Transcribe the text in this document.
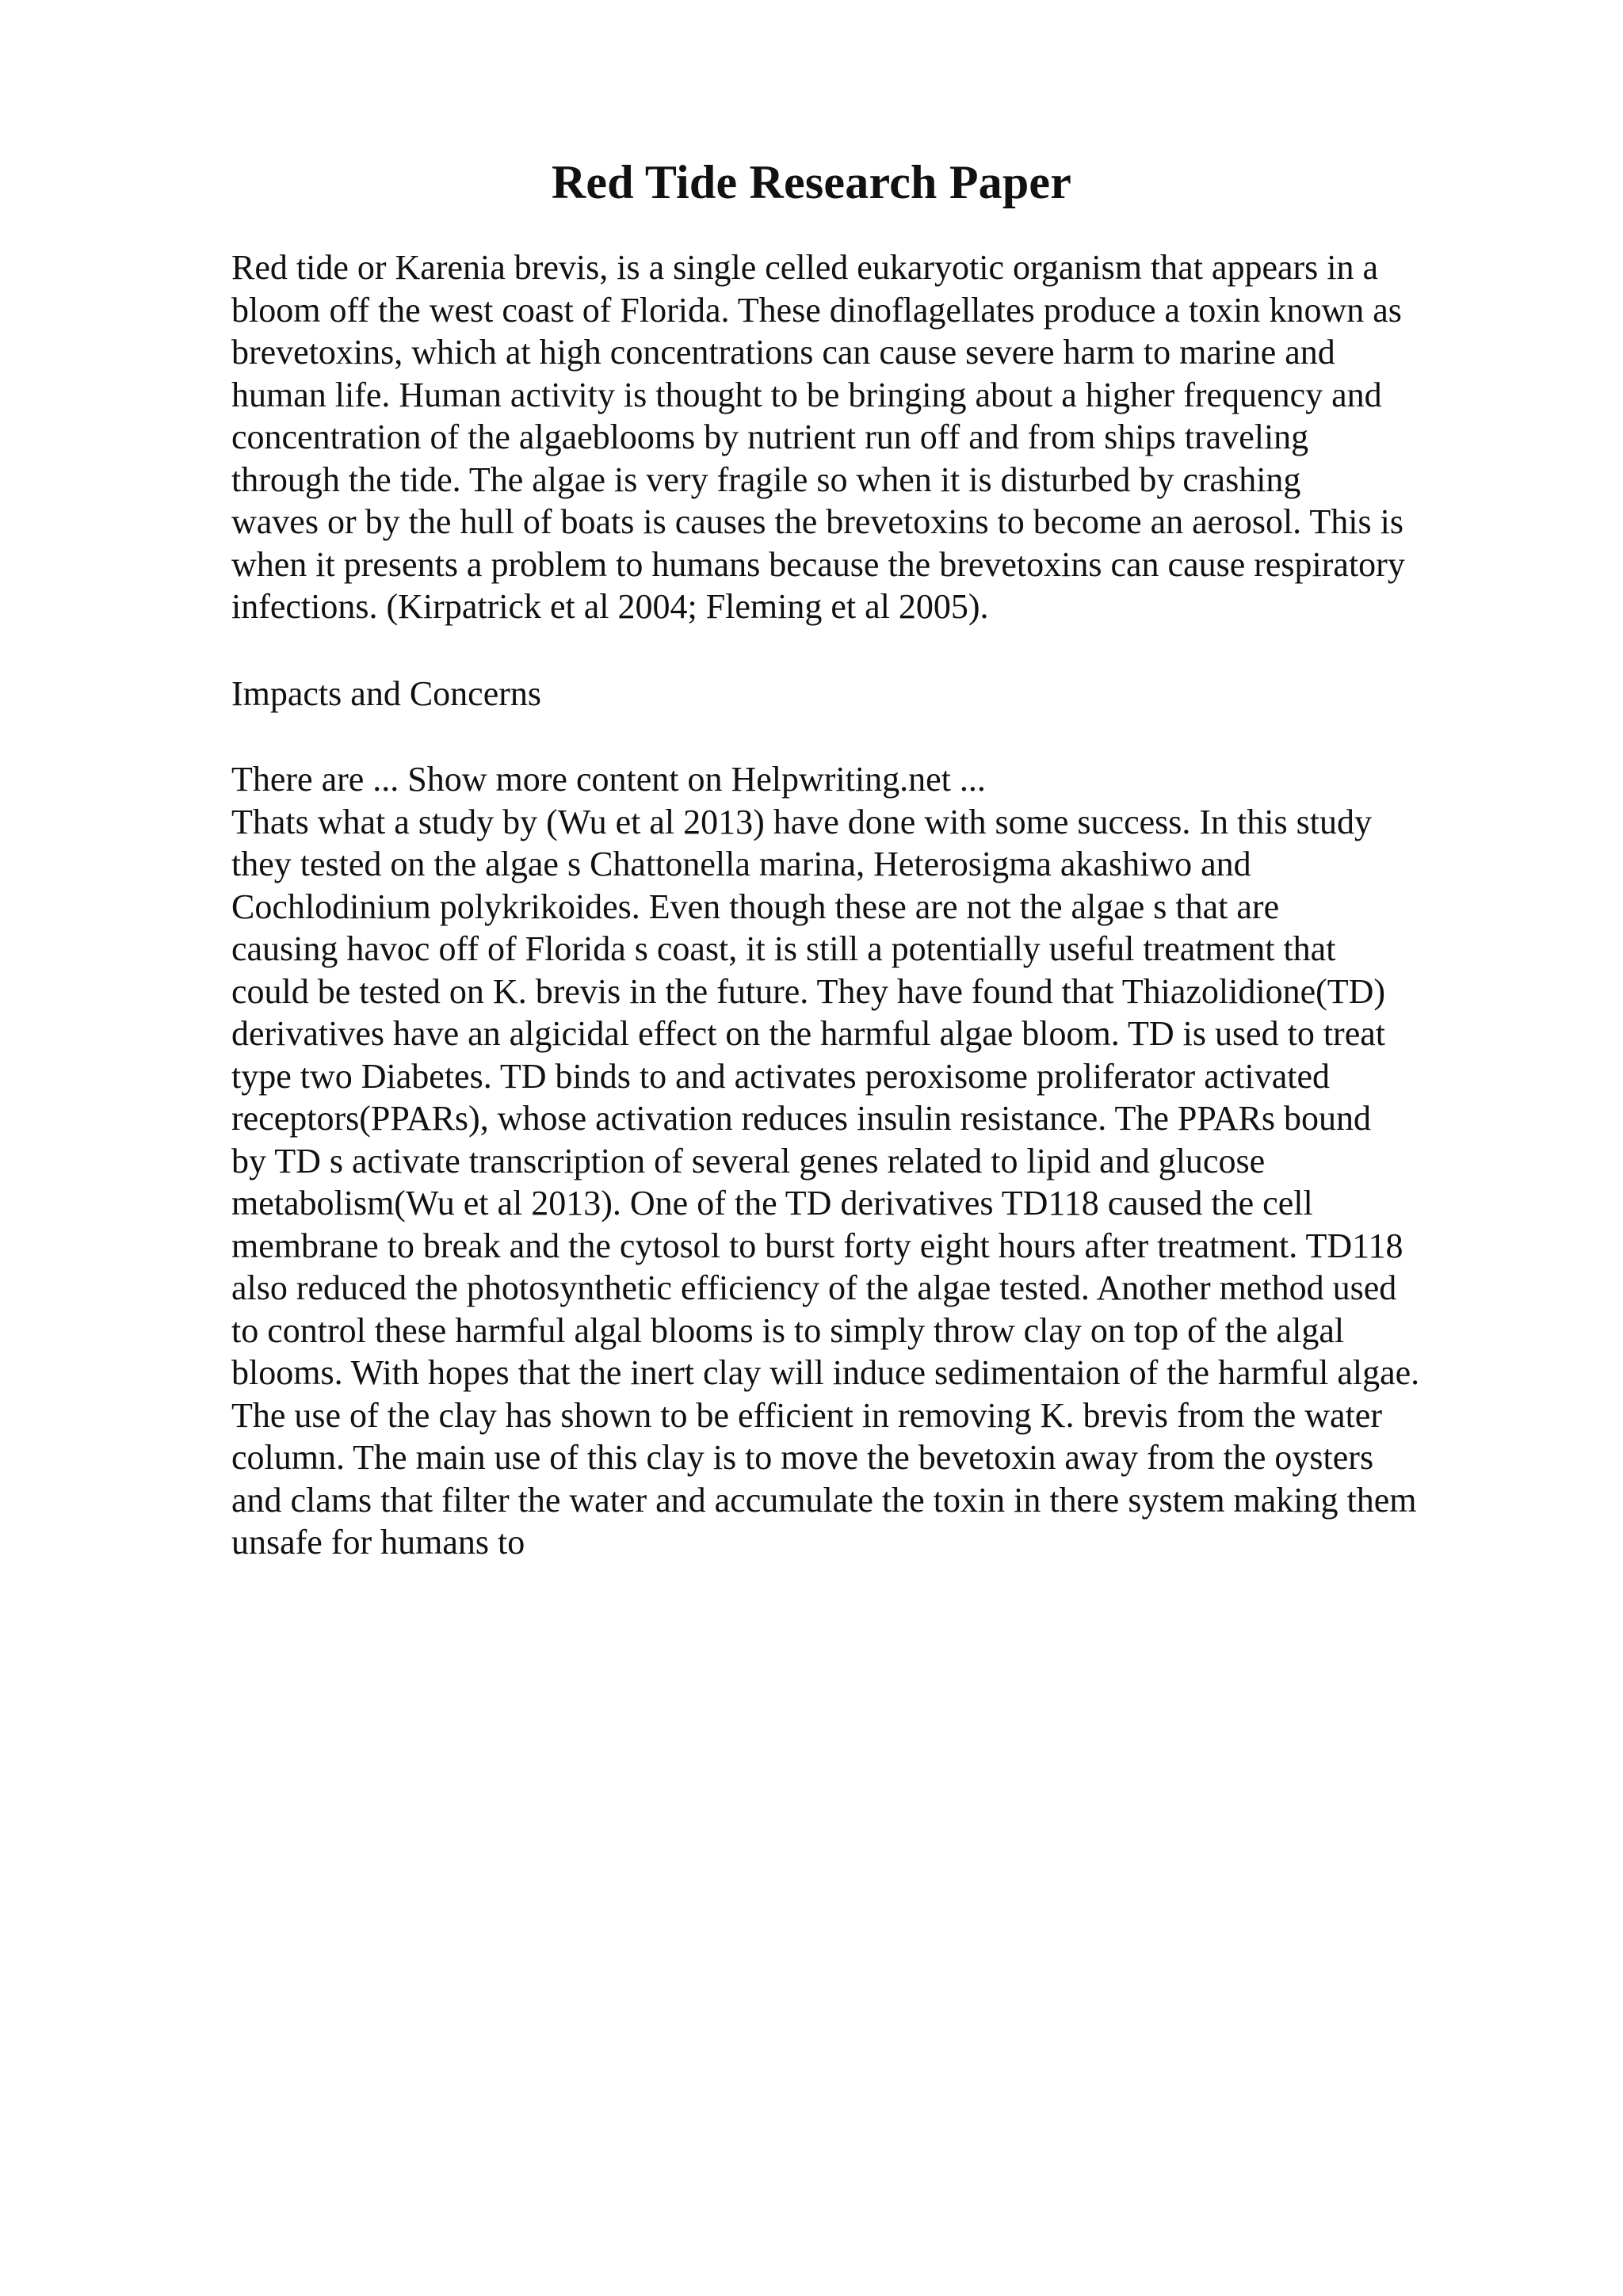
Red Tide Research Paper
Red tide or Karenia brevis, is a single celled eukaryotic organism that appears in a
bloom off the west coast of Florida. These dinoflagellates produce a toxin known as
brevetoxins, which at high concentrations can cause severe harm to marine and
human life. Human activity is thought to be bringing about a higher frequency and
concentration of the algaeblooms by nutrient run off and from ships traveling
through the tide. The algae is very fragile so when it is disturbed by crashing
waves or by the hull of boats is causes the brevetoxins to become an aerosol. This is
when it presents a problem to humans because the brevetoxins can cause respiratory
infections. (Kirpatrick et al 2004; Fleming et al 2005).
Impacts and Concerns
There are ... Show more content on Helpwriting.net ...
Thats what a study by (Wu et al 2013) have done with some success. In this study
they tested on the algae s Chattonella marina, Heterosigma akashiwo and
Cochlodinium polykrikoides. Even though these are not the algae s that are
causing havoc off of Florida s coast, it is still a potentially useful treatment that
could be tested on K. brevis in the future. They have found that Thiazolidione(TD)
derivatives have an algicidal effect on the harmful algae bloom. TD is used to treat
type two Diabetes. TD binds to and activates peroxisome proliferator activated
receptors(PPARs), whose activation reduces insulin resistance. The PPARs bound
by TD s activate transcription of several genes related to lipid and glucose
metabolism(Wu et al 2013). One of the TD derivatives TD118 caused the cell
membrane to break and the cytosol to burst forty eight hours after treatment. TD118
also reduced the photosynthetic efficiency of the algae tested. Another method used
to control these harmful algal blooms is to simply throw clay on top of the algal
blooms. With hopes that the inert clay will induce sedimentaion of the harmful algae.
The use of the clay has shown to be efficient in removing K. brevis from the water
column. The main use of this clay is to move the bevetoxin away from the oysters
and clams that filter the water and accumulate the toxin in there system making them
unsafe for humans to
